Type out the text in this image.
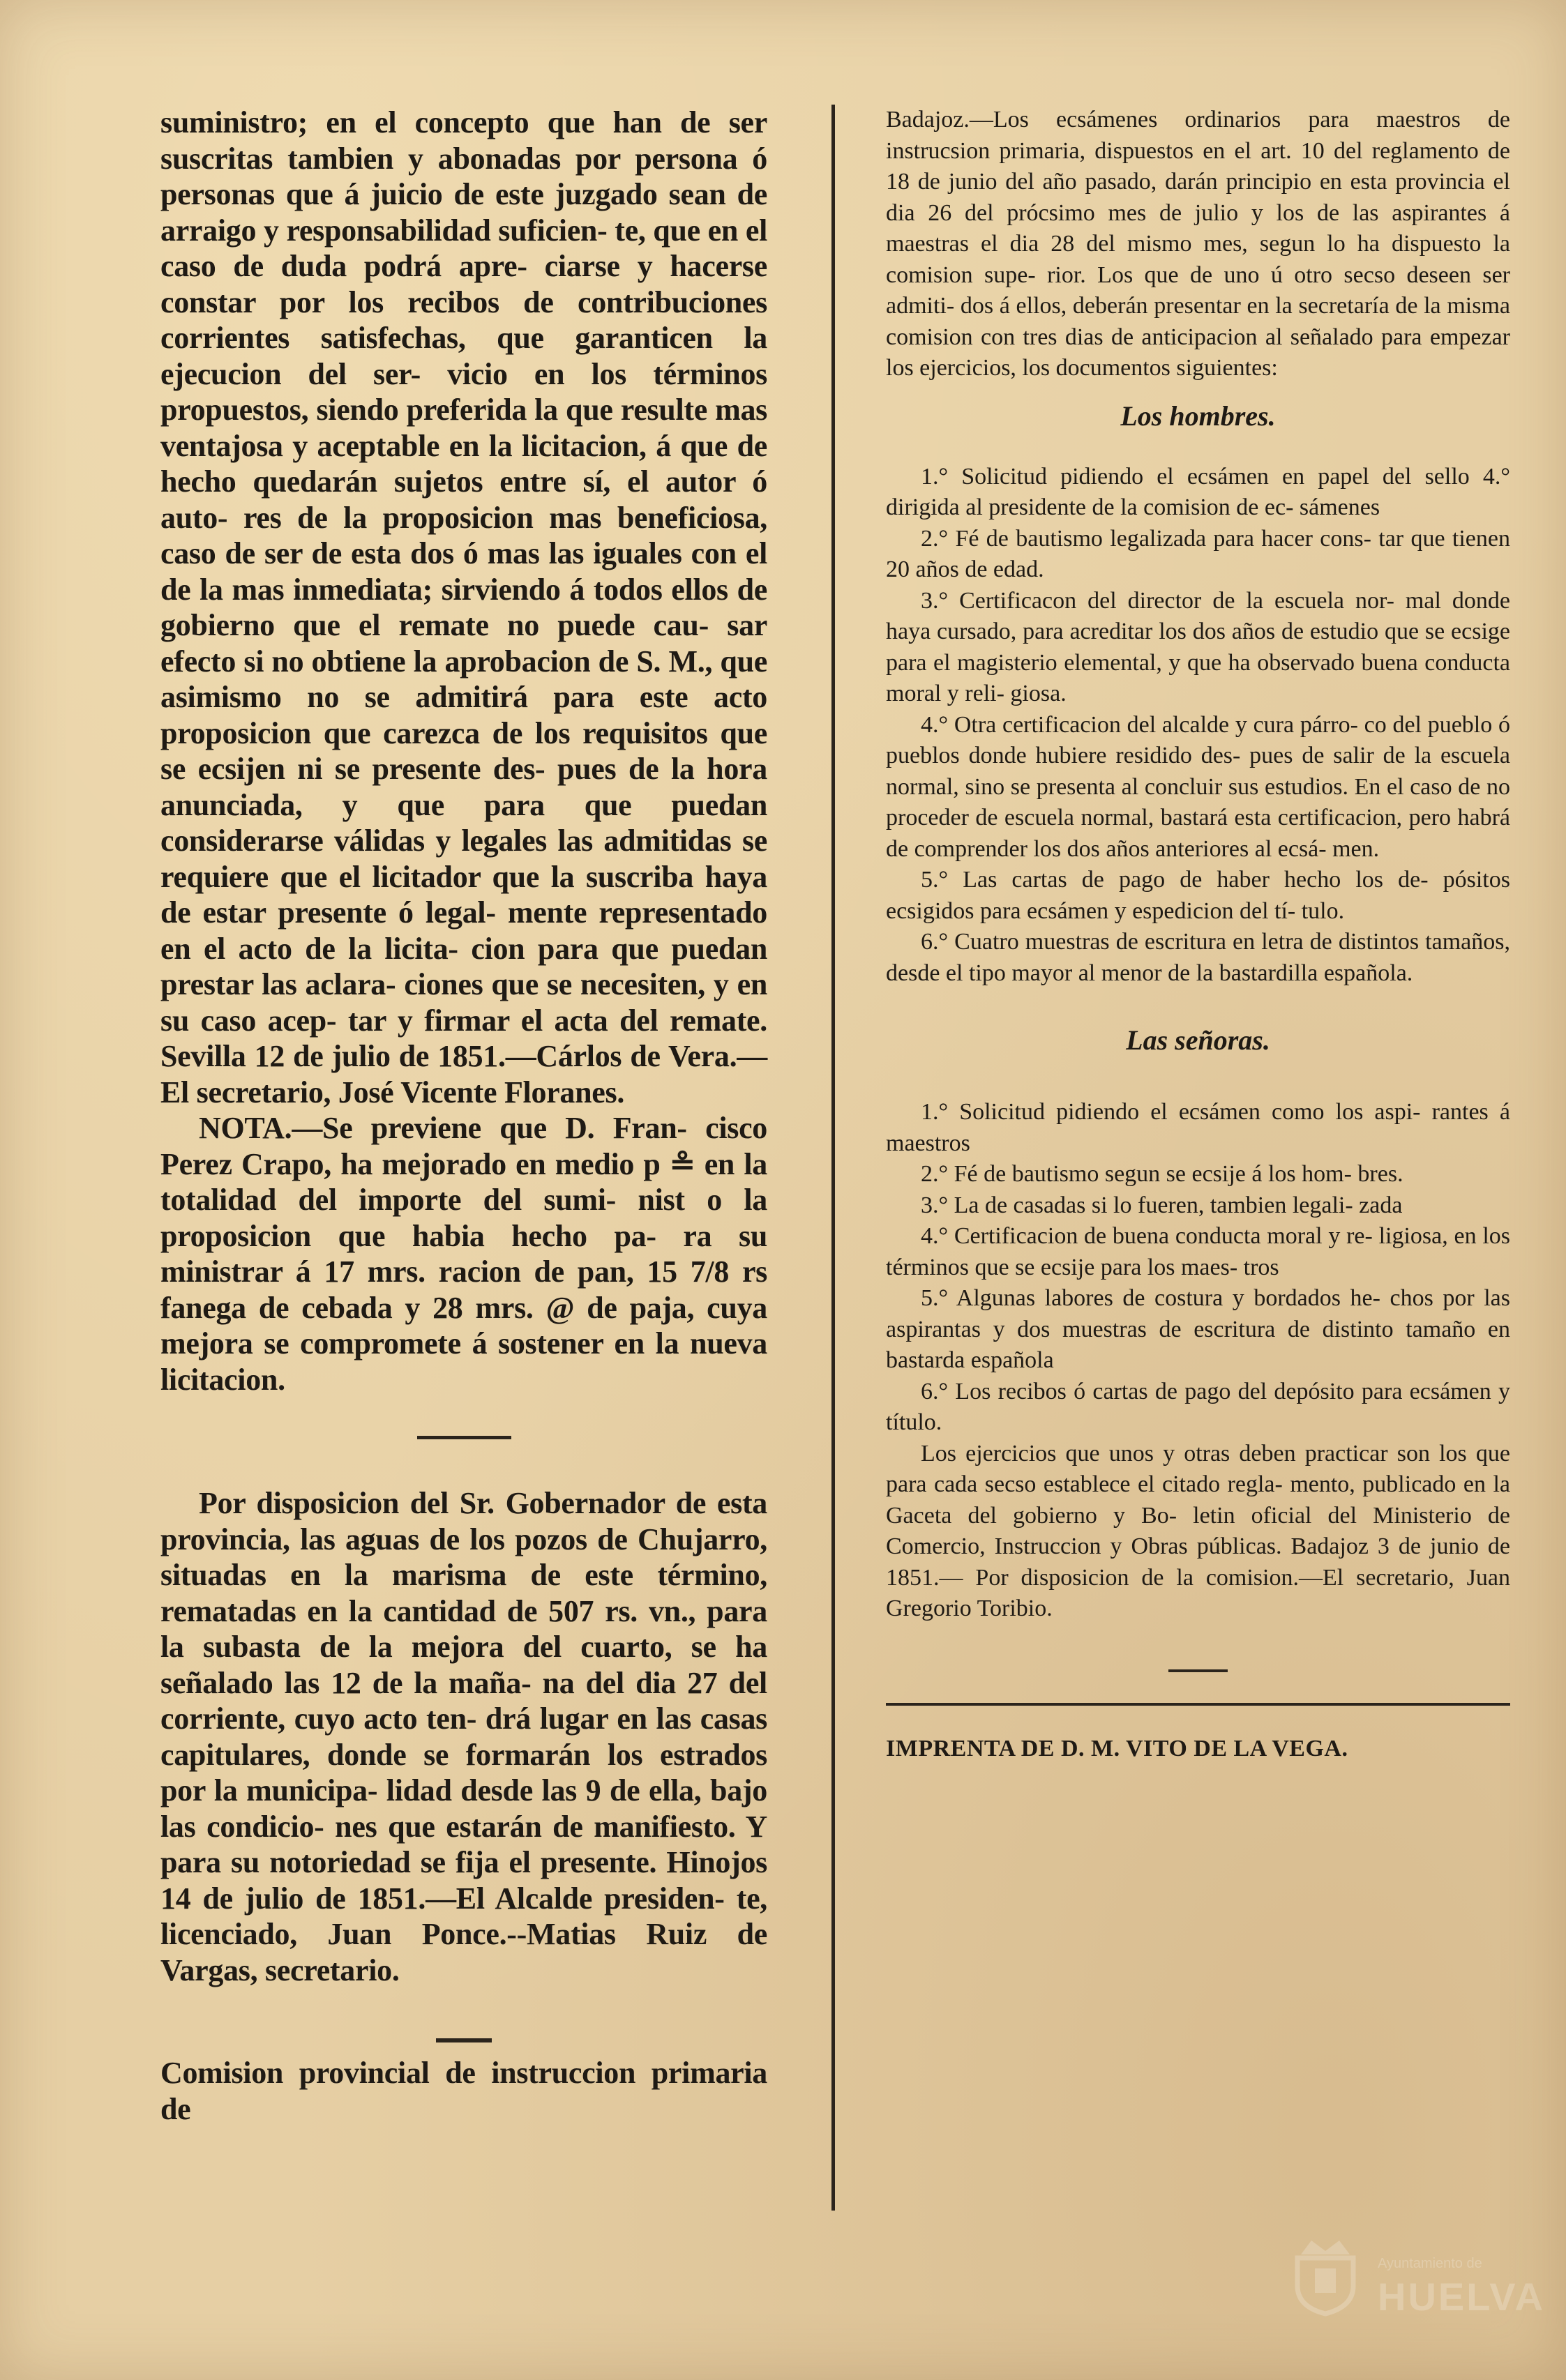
suministro; en el concepto que han de ser suscritas tambien y abonadas por persona ó personas que á juicio de este juzgado sean de arraigo y responsabilidad suficien- te, que en el caso de duda podrá apre- ciarse y hacerse constar por los recibos de contribuciones corrientes satisfechas, que garanticen la ejecucion del ser- vicio en los términos propuestos, siendo preferida la que resulte mas ventajosa y aceptable en la licitacion, á que de hecho quedarán sujetos entre sí, el autor ó auto- res de la proposicion mas beneficiosa, caso de ser de esta dos ó mas las iguales con el de la mas inmediata; sirviendo á todos ellos de gobierno que el remate no puede cau- sar efecto si no obtiene la aprobacion de S. M., que asimismo no se admitirá para este acto proposicion que carezca de los requisitos que se ecsijen ni se presente des- pues de la hora anunciada, y que para que puedan considerarse válidas y legales las admitidas se requiere que el licitador que la suscriba haya de estar presente ó legal- mente representado en el acto de la licita- cion para que puedan prestar las aclara- ciones que se necesiten, y en su caso acep- tar y firmar el acta del remate. Sevilla 12 de julio de 1851.—Cárlos de Vera.— El secretario, José Vicente Floranes.

NOTA.—Se previene que D. Fran- cisco Perez Crapo, ha mejorado en medio p ≗ en la totalidad del importe del sumi- nist o la proposicion que habia hecho pa- ra su ministrar á 17 mrs. racion de pan, 15 7/8 rs fanega de cebada y 28 mrs. @ de paja, cuya mejora se compromete á sostener en la nueva licitacion.

Por disposicion del Sr. Gobernador de esta provincia, las aguas de los pozos de Chujarro, situadas en la marisma de este término, rematadas en la cantidad de 507 rs. vn., para la subasta de la mejora del cuarto, se ha señalado las 12 de la maña- na del dia 27 del corriente, cuyo acto ten- drá lugar en las casas capitulares, donde se formarán los estrados por la municipa- lidad desde las 9 de ella, bajo las condicio- nes que estarán de manifiesto. Y para su notoriedad se fija el presente. Hinojos 14 de julio de 1851.—El Alcalde presiden- te, licenciado, Juan Ponce.--Matias Ruiz de Vargas, secretario.

Comision provincial de instruccion primaria de

Badajoz.—Los ecsámenes ordinarios para maestros de instrucsion primaria, dispuestos en el art. 10 del reglamento de 18 de junio del año pasado, darán principio en esta provincia el dia 26 del prócsimo mes de julio y los de las aspirantes á maestras el dia 28 del mismo mes, segun lo ha dispuesto la comision supe- rior. Los que de uno ú otro secso deseen ser admiti- dos á ellos, deberán presentar en la secretaría de la misma comision con tres dias de anticipacion al señalado para empezar los ejercicios, los documentos siguientes:

Los hombres.

1.° Solicitud pidiendo el ecsámen en papel del sello 4.° dirigida al presidente de la comision de ec- sámenes

2.° Fé de bautismo legalizada para hacer cons- tar que tienen 20 años de edad.

3.° Certificacon del director de la escuela nor- mal donde haya cursado, para acreditar los dos años de estudio que se ecsige para el magisterio elemental, y que ha observado buena conducta moral y reli- giosa.

4.° Otra certificacion del alcalde y cura párro- co del pueblo ó pueblos donde hubiere residido des- pues de salir de la escuela normal, sino se presenta al concluir sus estudios. En el caso de no proceder de escuela normal, bastará esta certificacion, pero habrá de comprender los dos años anteriores al ecsá- men.

5.° Las cartas de pago de haber hecho los de- pósitos ecsigidos para ecsámen y espedicion del tí- tulo.

6.° Cuatro muestras de escritura en letra de distintos tamaños, desde el tipo mayor al menor de la bastardilla española.

Las señoras.

1.° Solicitud pidiendo el ecsámen como los aspi- rantes á maestros

2.° Fé de bautismo segun se ecsije á los hom- bres.

3.° La de casadas si lo fueren, tambien legali- zada

4.° Certificacion de buena conducta moral y re- ligiosa, en los términos que se ecsije para los maes- tros

5.° Algunas labores de costura y bordados he- chos por las aspirantas y dos muestras de escritura de distinto tamaño en bastarda española

6.° Los recibos ó cartas de pago del depósito para ecsámen y título.

Los ejercicios que unos y otras deben practicar son los que para cada secso establece el citado regla- mento, publicado en la Gaceta del gobierno y Bo- letin oficial del Ministerio de Comercio, Instruccion y Obras públicas. Badajoz 3 de junio de 1851.— Por disposicion de la comision.—El secretario, Juan Gregorio Toribio.

IMPRENTA DE D. M. VITO DE LA VEGA.

Ayuntamiento de
HUELVA
